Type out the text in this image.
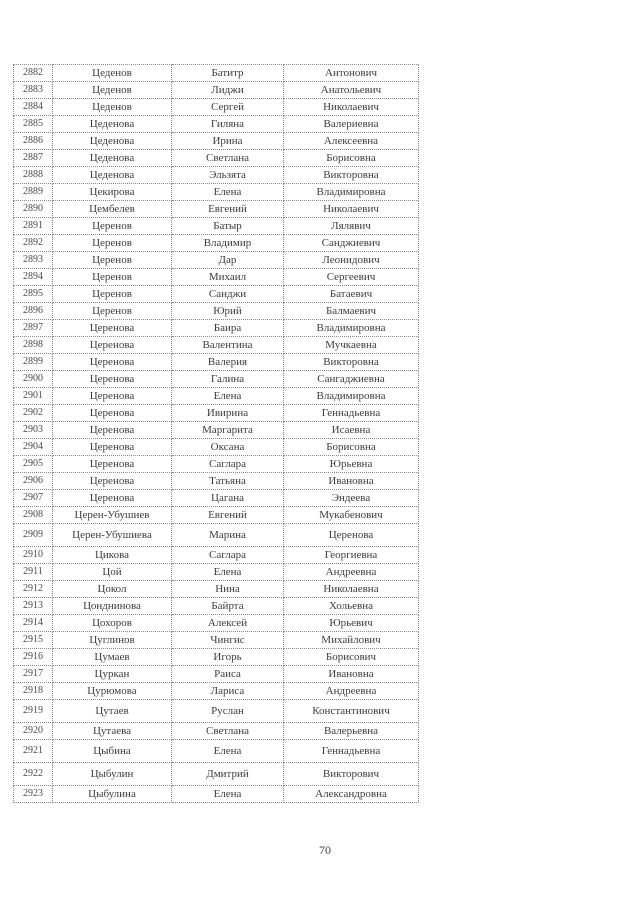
2882	Цеденов	Батитр	Антонович
2883	Цеденов	Лиджи	Анатольевич
2884	Цеденов	Сергей	Николаевич
2885	Цеденова	Гиляна	Валериевна
2886	Цеденова	Ирина	Алексеевна
2887	Цеденова	Светлана	Борисовна
2888	Цеденова	Эльзята	Викторовна
2889	Цекирова	Елена	Владимировна
2890	Цембелев	Евгений	Николаевич
2891	Церенов	Батыр	Лялявич
2892	Церенов	Владимир	Санджиевич
2893	Церенов	Дар	Леонидович
2894	Церенов	Михаил	Сергеевич
2895	Церенов	Санджи	Батаевич
2896	Церенов	Юрий	Балмаевич
2897	Церенова	Баира	Владимировна
2898	Церенова	Валентина	Мучкаевна
2899	Церенова	Валерия	Викторовна
2900	Церенова	Галина	Сангаджиевна
2901	Церенова	Елена	Владимировна
2902	Церенова	Ивирина	Геннадьевна
2903	Церенова	Маргарита	Исаевна
2904	Церенова	Оксана	Борисовна
2905	Церенова	Саглара	Юрьевна
2906	Церенова	Татьяна	Ивановна
2907	Церенова	Цагана	Эндеева
2908	Церен-Убушиев	Евгений	Мукабенович
2909	Церен-Убушиева	Марина	Церенова
2910	Цикова	Саглара	Георгиевна
2911	Цой	Елена	Андреевна
2912	Цокол	Нина	Николаевна
2913	Цонднинова	Байрта	Хольевна
2914	Цохоров	Алексей	Юрьевич
2915	Цуглинов	Чингис	Михайлович
2916	Цумаев	Игорь	Борисович
2917	Цуркан	Раиса	Ивановна
2918	Цурюмова	Лариса	Андреевна
2919	Цутаев	Руслан	Константинович
2920	Цутаева	Светлана	Валерьевна
2921	Цыбина	Елена	Геннадьевна
2922	Цыбулин	Дмитрий	Викторович
2923	Цыбулина	Елена	Александровна
70
